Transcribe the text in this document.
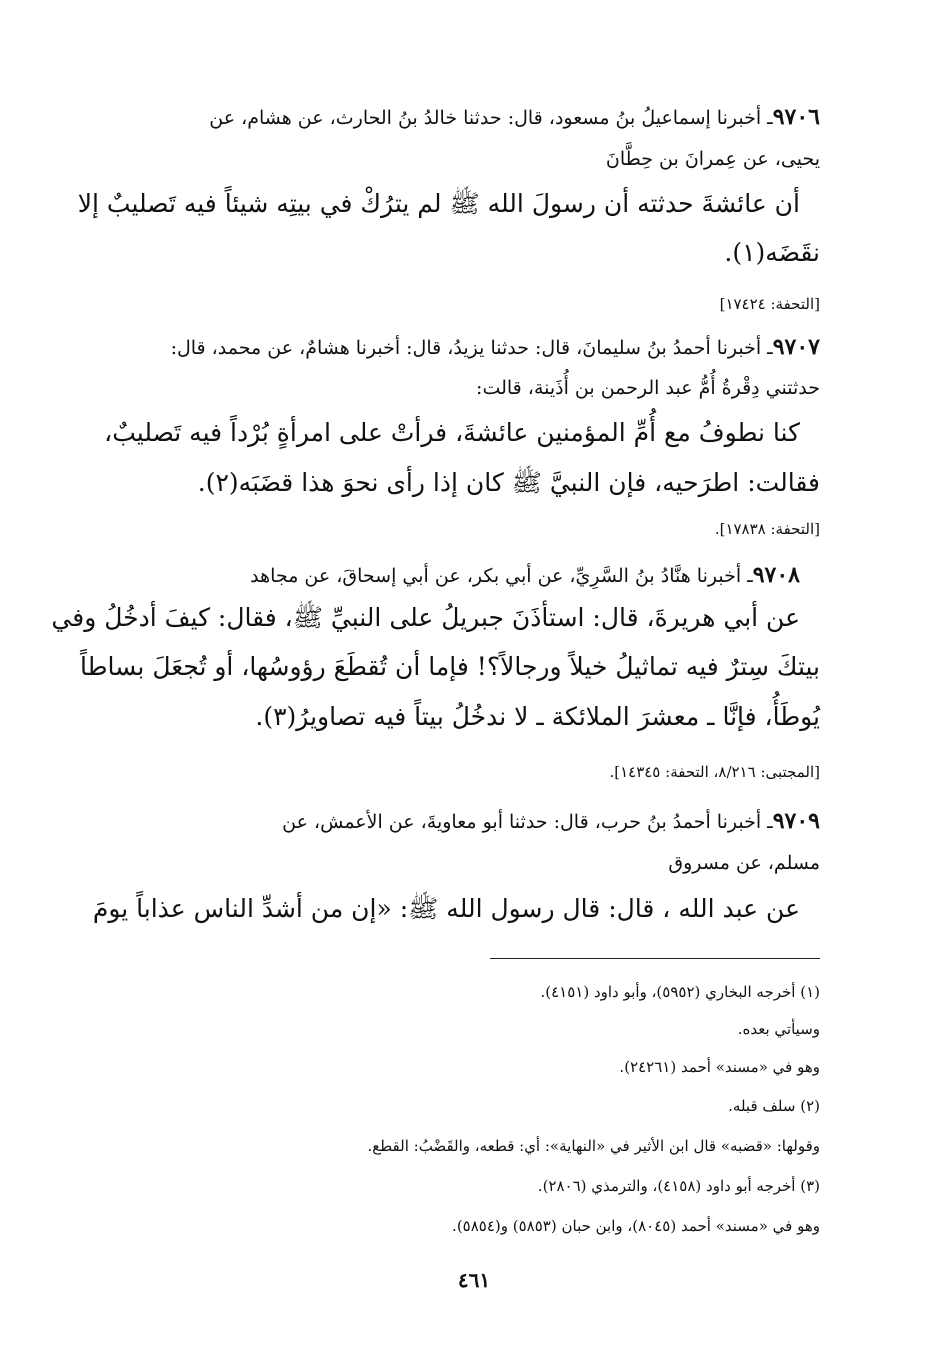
٩٧٠٦ـ أخبرنا إسماعيلُ بنُ مسعود، قال: حدثنا خالدُ بنُ الحارث، عن هشام، عن
يحيى، عن عِمرانَ بن حِطَّانَ
أن عائشةَ حدثته أن رسولَ الله ﷺ لم يترُكْ في بيتِه شيئاً فيه تَصليبٌ إلا
نقَضَه(١).
[التحفة: ١٧٤٢٤]
٩٧٠٧ـ أخبرنا أحمدُ بنُ سليمانَ، قال: حدثنا يزيدُ، قال: أخبرنا هشامٌ، عن محمد، قال:
حدثتني دِقْرةُ أُمُّ عبد الرحمن بن أُذَينة، قالت:
كنا نطوفُ مع أُمِّ المؤمنين عائشةَ، فرأتْ على امرأةٍ بُرْداً فيه تَصليبٌ،
فقالت: اطرَحيه، فإن النبيَّ ﷺ كان إذا رأى نحوَ هذا قضَبَه(٢).
[التحفة: ١٧٨٣٨].
٩٧٠٨ـ أخبرنا هنَّادُ بنُ السَّرِيِّ، عن أبي بكر، عن أبي إسحاقَ، عن مجاهد
عن أبي هريرةَ، قال: استأذَنَ جبريلُ على النبيِّ ﷺ، فقال: كيفَ أدخُلُ وفي
بيتكَ سِترٌ فيه تماثيلُ خيلاً ورجالاً؟! فإما أن تُقطَعَ رؤوسُها، أو تُجعَلَ بساطاً
يُوطَأُ، فإنَّا ـ معشرَ الملائكة ـ لا ندخُلُ بيتاً فيه تصاويرُ(٣).
[المجتبى: ٨/٢١٦، التحفة: ١٤٣٤٥].
٩٧٠٩ـ أخبرنا أحمدُ بنُ حرب، قال: حدثنا أبو معاويةَ، عن الأعمش، عن
مسلم، عن مسروق
عن عبد الله ، قال: قال رسول الله ﷺ: «إن من أشدِّ الناس عذاباً يومَ
(١) أخرجه البخاري (٥٩٥٢)، وأبو داود (٤١٥١).
وسيأتي بعده.
وهو في «مسند» أحمد (٢٤٢٦١).
(٢) سلف قبله.
وقولها: «قضبه» قال ابن الأثير في «النهاية»: أي: قطعه، والقَضْبُ: القطع.
(٣) أخرجه أبو داود (٤١٥٨)، والترمذي (٢٨٠٦).
وهو في «مسند» أحمد (٨٠٤٥)، وابن حبان (٥٨٥٣) و(٥٨٥٤).
٤٦١
